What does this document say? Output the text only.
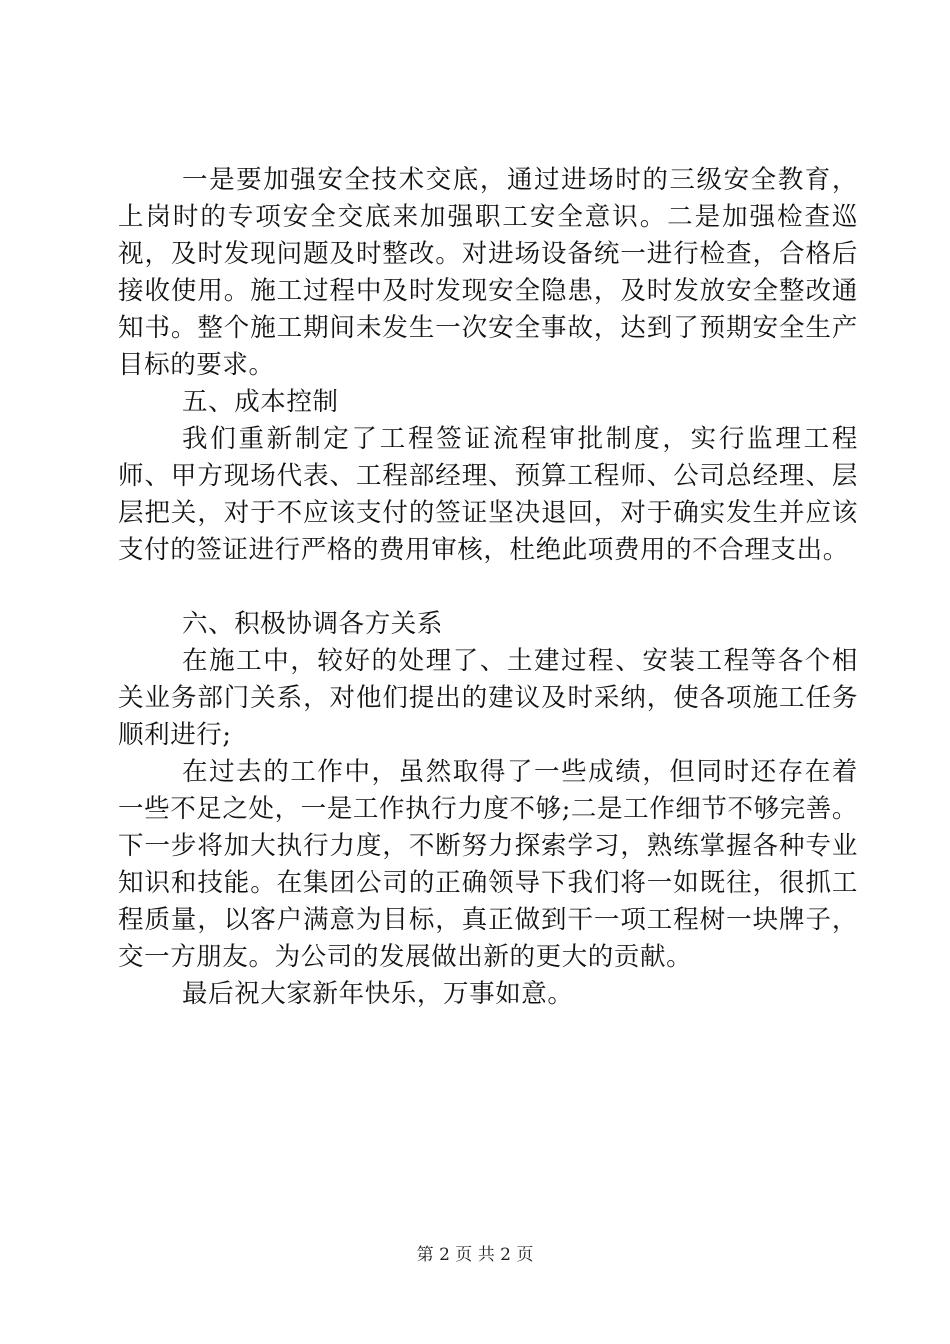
一是要加强安全技术交底，通过进场时的三级安全教育，上岗时的专项安全交底来加强职工安全意识。二是加强检查巡视，及时发现问题及时整改。对进场设备统一进行检查，合格后接收使用。施工过程中及时发现安全隐患，及时发放安全整改通知书。整个施工期间未发生一次安全事故，达到了预期安全生产目标的要求。

五、成本控制

我们重新制定了工程签证流程审批制度，实行监理工程师、甲方现场代表、工程部经理、预算工程师、公司总经理、层层把关，对于不应该支付的签证坚决退回，对于确实发生并应该支付的签证进行严格的费用审核，杜绝此项费用的不合理支出。

六、积极协调各方关系

在施工中，较好的处理了、土建过程、安装工程等各个相关业务部门关系，对他们提出的建议及时采纳，使各项施工任务顺利进行;

在过去的工作中，虽然取得了一些成绩，但同时还存在着一些不足之处，一是工作执行力度不够;二是工作细节不够完善。下一步将加大执行力度，不断努力探索学习，熟练掌握各种专业知识和技能。在集团公司的正确领导下我们将一如既往，很抓工程质量，以客户满意为目标，真正做到干一项工程树一块牌子，交一方朋友。为公司的发展做出新的更大的贡献。

最后祝大家新年快乐，万事如意。

第 2 页 共 2 页
